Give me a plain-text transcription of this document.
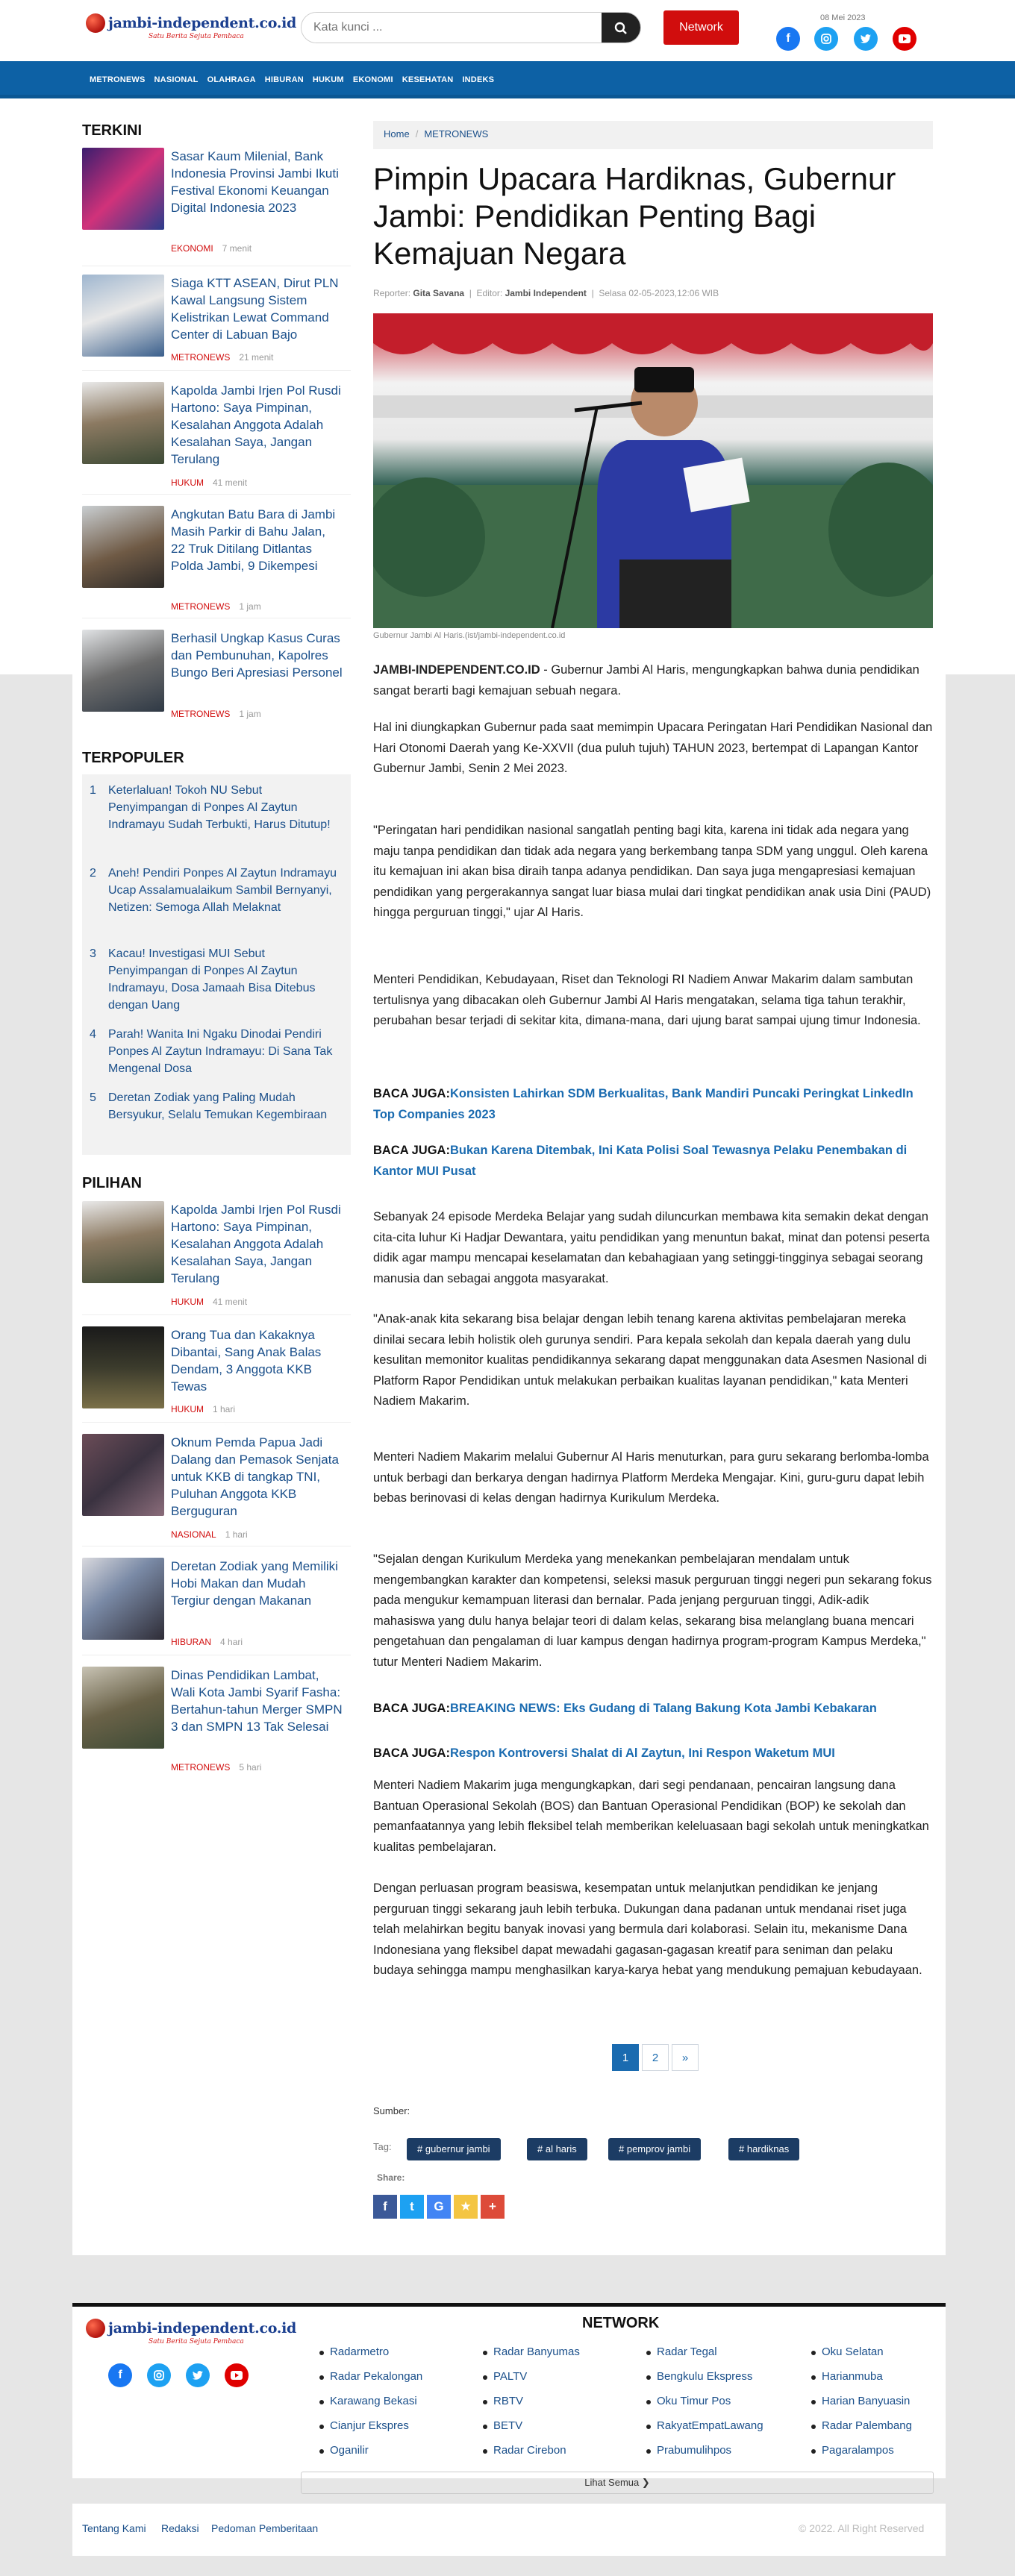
jambi-independent.co.id
Satu Berita Sejuta Pembaca
Kata kunci ...
Network
08 Mei 2023
f
METRONEWS NASIONAL OLAHRAGA HIBURAN HUKUM EKONOMI KESEHATAN INDEKS
TERKINI
Sasar Kaum Milenial, Bank Indonesia Provinsi Jambi Ikuti Festival Ekonomi Keuangan Digital Indonesia 2023
EKONOMI 7 menit
Siaga KTT ASEAN, Dirut PLN Kawal Langsung Sistem Kelistrikan Lewat Command Center di Labuan Bajo
METRONEWS 21 menit
Kapolda Jambi Irjen Pol Rusdi Hartono: Saya Pimpinan, Kesalahan Anggota Adalah Kesalahan Saya, Jangan Terulang
HUKUM 41 menit
Angkutan Batu Bara di Jambi Masih Parkir di Bahu Jalan, 22 Truk Ditilang Ditlantas Polda Jambi, 9 Dikempesi
METRONEWS 1 jam
Berhasil Ungkap Kasus Curas dan Pembunuhan, Kapolres Bungo Beri Apresiasi Personel
METRONEWS 1 jam
TERPOPULER
1 Keterlaluan! Tokoh NU Sebut Penyimpangan di Ponpes Al Zaytun Indramayu Sudah Terbukti, Harus Ditutup!
2 Aneh! Pendiri Ponpes Al Zaytun Indramayu Ucap Assalamualaikum Sambil Bernyanyi, Netizen: Semoga Allah Melaknat
3 Kacau! Investigasi MUI Sebut Penyimpangan di Ponpes Al Zaytun Indramayu, Dosa Jamaah Bisa Ditebus dengan Uang
4 Parah! Wanita Ini Ngaku Dinodai Pendiri Ponpes Al Zaytun Indramayu: Di Sana Tak Mengenal Dosa
5 Deretan Zodiak yang Paling Mudah Bersyukur, Selalu Temukan Kegembiraan
PILIHAN
Kapolda Jambi Irjen Pol Rusdi Hartono: Saya Pimpinan, Kesalahan Anggota Adalah Kesalahan Saya, Jangan Terulang
HUKUM 41 menit
Orang Tua dan Kakaknya Dibantai, Sang Anak Balas Dendam, 3 Anggota KKB Tewas
HUKUM 1 hari
Oknum Pemda Papua Jadi Dalang dan Pemasok Senjata untuk KKB di tangkap TNI, Puluhan Anggota KKB Berguguran
NASIONAL 1 hari
Deretan Zodiak yang Memiliki Hobi Makan dan Mudah Tergiur dengan Makanan
HIBURAN 4 hari
Dinas Pendidikan Lambat, Wali Kota Jambi Syarif Fasha: Bertahun-tahun Merger SMPN 3 dan SMPN 13 Tak Selesai
METRONEWS 5 hari
Home / METRONEWS
Pimpin Upacara Hardiknas, Gubernur Jambi: Pendidikan Penting Bagi Kemajuan Negara
Reporter: Gita Savana  |  Editor: Jambi Independent  |  Selasa 02-05-2023,12:06 WIB
Gubernur Jambi Al Haris.(ist/jambi-independent.co.id
JAMBI-INDEPENDENT.CO.ID - Gubernur Jambi Al Haris, mengungkapkan bahwa dunia pendidikan sangat berarti bagi kemajuan sebuah negara.
Hal ini diungkapkan Gubernur pada saat memimpin Upacara Peringatan Hari Pendidikan Nasional dan Hari Otonomi Daerah yang Ke-XXVII (dua puluh tujuh) TAHUN 2023, bertempat di Lapangan Kantor Gubernur Jambi, Senin 2 Mei 2023.
"Peringatan hari pendidikan nasional sangatlah penting bagi kita, karena ini tidak ada negara yang maju tanpa pendidikan dan tidak ada negara yang berkembang tanpa SDM yang unggul. Oleh karena itu kemajuan ini akan bisa diraih tanpa adanya pendidikan. Dan saya juga mengapresiasi kemajuan pendidikan yang pergerakannya sangat luar biasa mulai dari tingkat pendidikan anak usia Dini (PAUD) hingga perguruan tinggi," ujar Al Haris.
Menteri Pendidikan, Kebudayaan, Riset dan Teknologi RI Nadiem Anwar Makarim dalam sambutan tertulisnya yang dibacakan oleh Gubernur Jambi Al Haris mengatakan, selama tiga tahun terakhir, perubahan besar terjadi di sekitar kita, dimana-mana, dari ujung barat sampai ujung timur Indonesia.
BACA JUGA:Konsisten Lahirkan SDM Berkualitas, Bank Mandiri Puncaki Peringkat LinkedIn Top Companies 2023
BACA JUGA:Bukan Karena Ditembak, Ini Kata Polisi Soal Tewasnya Pelaku Penembakan di Kantor MUI Pusat
Sebanyak 24 episode Merdeka Belajar yang sudah diluncurkan membawa kita semakin dekat dengan cita-cita luhur Ki Hadjar Dewantara, yaitu pendidikan yang menuntun bakat, minat dan potensi peserta didik agar mampu mencapai keselamatan dan kebahagiaan yang setinggi-tingginya sebagai seorang manusia dan sebagai anggota masyarakat.
"Anak-anak kita sekarang bisa belajar dengan lebih tenang karena aktivitas pembelajaran mereka dinilai secara lebih holistik oleh gurunya sendiri. Para kepala sekolah dan kepala daerah yang dulu kesulitan memonitor kualitas pendidikannya sekarang dapat menggunakan data Asesmen Nasional di Platform Rapor Pendidikan untuk melakukan perbaikan kualitas layanan pendidikan," kata Menteri Nadiem Makarim.
Menteri Nadiem Makarim melalui Gubernur Al Haris menuturkan, para guru sekarang berlomba-lomba untuk berbagi dan berkarya dengan hadirnya Platform Merdeka Mengajar. Kini, guru-guru dapat lebih bebas berinovasi di kelas dengan hadirnya Kurikulum Merdeka.
"Sejalan dengan Kurikulum Merdeka yang menekankan pembelajaran mendalam untuk mengembangkan karakter dan kompetensi, seleksi masuk perguruan tinggi negeri pun sekarang fokus pada mengukur kemampuan literasi dan bernalar. Pada jenjang perguruan tinggi, Adik-adik mahasiswa yang dulu hanya belajar teori di dalam kelas, sekarang bisa melanglang buana mencari pengetahuan dan pengalaman di luar kampus dengan hadirnya program-program Kampus Merdeka," tutur Menteri Nadiem Makarim.
BACA JUGA:BREAKING NEWS: Eks Gudang di Talang Bakung Kota Jambi Kebakaran
BACA JUGA:Respon Kontroversi Shalat di Al Zaytun, Ini Respon Waketum MUI
Menteri Nadiem Makarim juga mengungkapkan, dari segi pendanaan, pencairan langsung dana Bantuan Operasional Sekolah (BOS) dan Bantuan Operasional Pendidikan (BOP) ke sekolah dan pemanfaatannya yang lebih fleksibel telah memberikan keleluasaan bagi sekolah untuk meningkatkan kualitas pembelajaran.
Dengan perluasan program beasiswa, kesempatan untuk melanjutkan pendidikan ke jenjang perguruan tinggi sekarang jauh lebih terbuka. Dukungan dana padanan untuk mendanai riset juga telah melahirkan begitu banyak inovasi yang bermula dari kolaborasi. Selain itu, mekanisme Dana Indonesiana yang fleksibel dapat mewadahi gagasan-gagasan kreatif para seniman dan pelaku budaya sehingga mampu menghasilkan karya-karya hebat yang mendukung pemajuan kebudayaan.
1	2	»
Sumber:
Tag:	# gubernur jambi	# al haris	# pemprov jambi	# hardiknas
Share:
f	t	G	★	+
jambi-independent.co.id
Satu Berita Sejuta Pembaca
f
NETWORK
Radarmetro	Radar Banyumas	Radar Tegal	Oku Selatan
Radar Pekalongan	PALTV	Bengkulu Ekspress	Harianmuba
Karawang Bekasi	RBTV	Oku Timur Pos	Harian Banyuasin
Cianjur Ekspres	BETV	RakyatEmpatLawang	Radar Palembang
Oganilir	Radar Cirebon	Prabumulihpos	Pagaralampos
Lihat Semua ❯
Tentang Kami Redaksi Pedoman Pemberitaan	© 2022. All Right Reserved
